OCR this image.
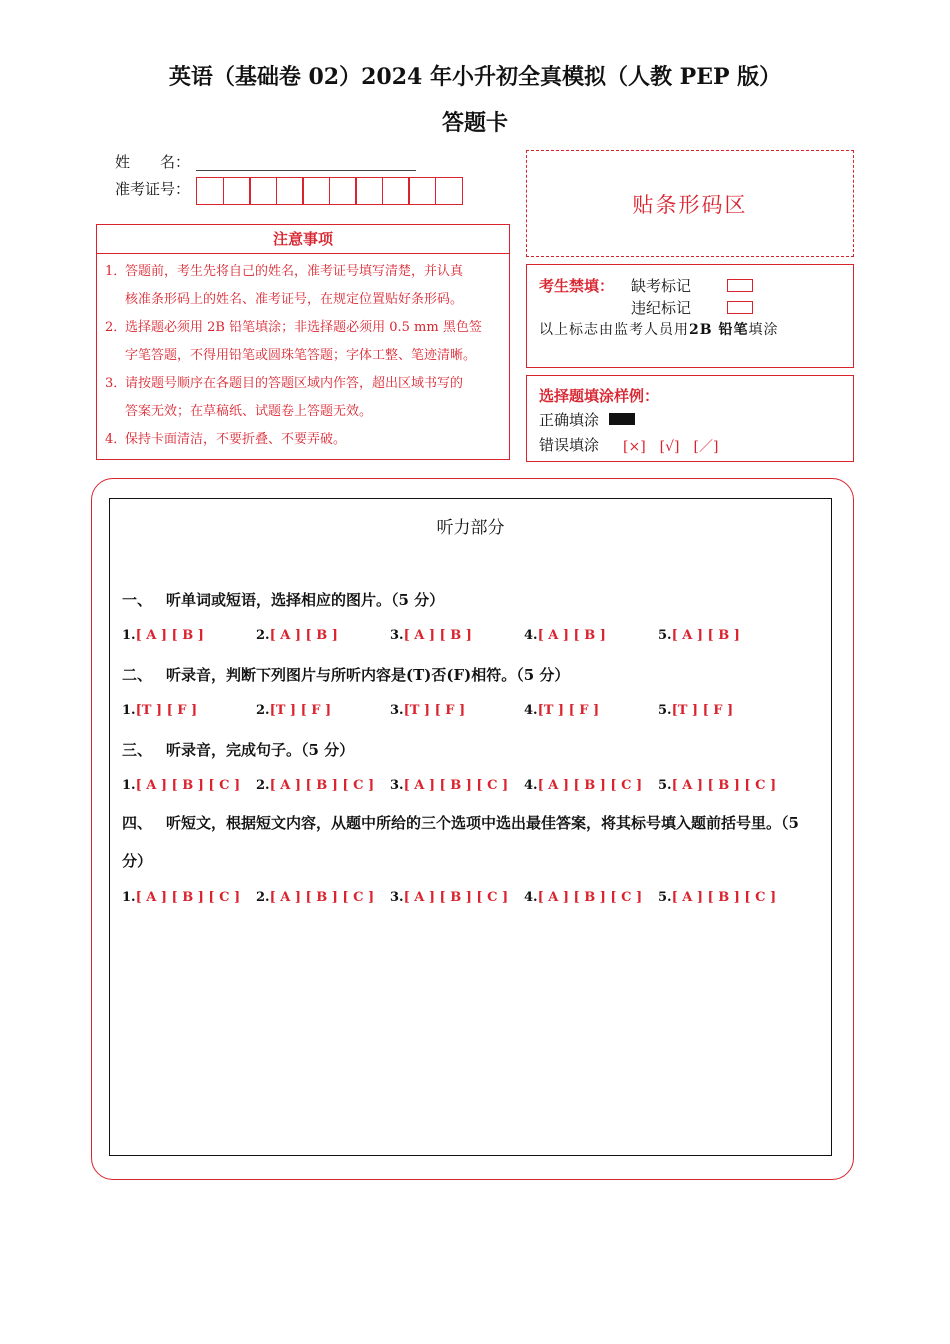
英语（基础卷 02）2024 年小升初全真模拟（人教 PEP 版）
答题卡
姓　　名：
准考证号：
注意事项
1．答题前，考生先将自己的姓名，准考证号填写清楚，并认真
核准条形码上的姓名、准考证号，在规定位置贴好条形码。
2．选择题必须用 2B 铅笔填涂；非选择题必须用 0.5 mm 黑色签
字笔答题，不得用铅笔或圆珠笔答题；字体工整、笔迹清晰。
3．请按题号顺序在各题目的答题区域内作答，超出区域书写的
答案无效；在草稿纸、试题卷上答题无效。
4．保持卡面清洁，不要折叠、不要弄破。
贴条形码区
考生禁填： 缺考标记
违纪标记
以上标志由监考人员用2B 铅笔填涂
选择题填涂样例：
正确填涂
错误填涂 [×]　[√]　[／]
听力部分
一、 听单词或短语，选择相应的图片。（5 分）
1.[ A ] [ B ]	2.[ A ] [ B ]	3.[ A ] [ B ]	4.[ A ] [ B ]	5.[ A ] [ B ]
二、 听录音，判断下列图片与所听内容是(T)否(F)相符。（5 分）
1.[T ] [ F ]	2.[T ] [ F ]	3.[T ] [ F ]	4.[T ] [ F ]	5.[T ] [ F ]
三、 听录音，完成句子。（5 分）
1.[ A ] [ B ] [ C ]	2.[ A ] [ B ] [ C ]	3.[ A ] [ B ] [ C ]	4.[ A ] [ B ] [ C ]	5.[ A ] [ B ] [ C ]
四、 听短文，根据短文内容，从题中所给的三个选项中选出最佳答案，将其标号填入题前括号里。（5 分）
1.[ A ] [ B ] [ C ]	2.[ A ] [ B ] [ C ]	3.[ A ] [ B ] [ C ]	4.[ A ] [ B ] [ C ]	5.[ A ] [ B ] [ C ]
